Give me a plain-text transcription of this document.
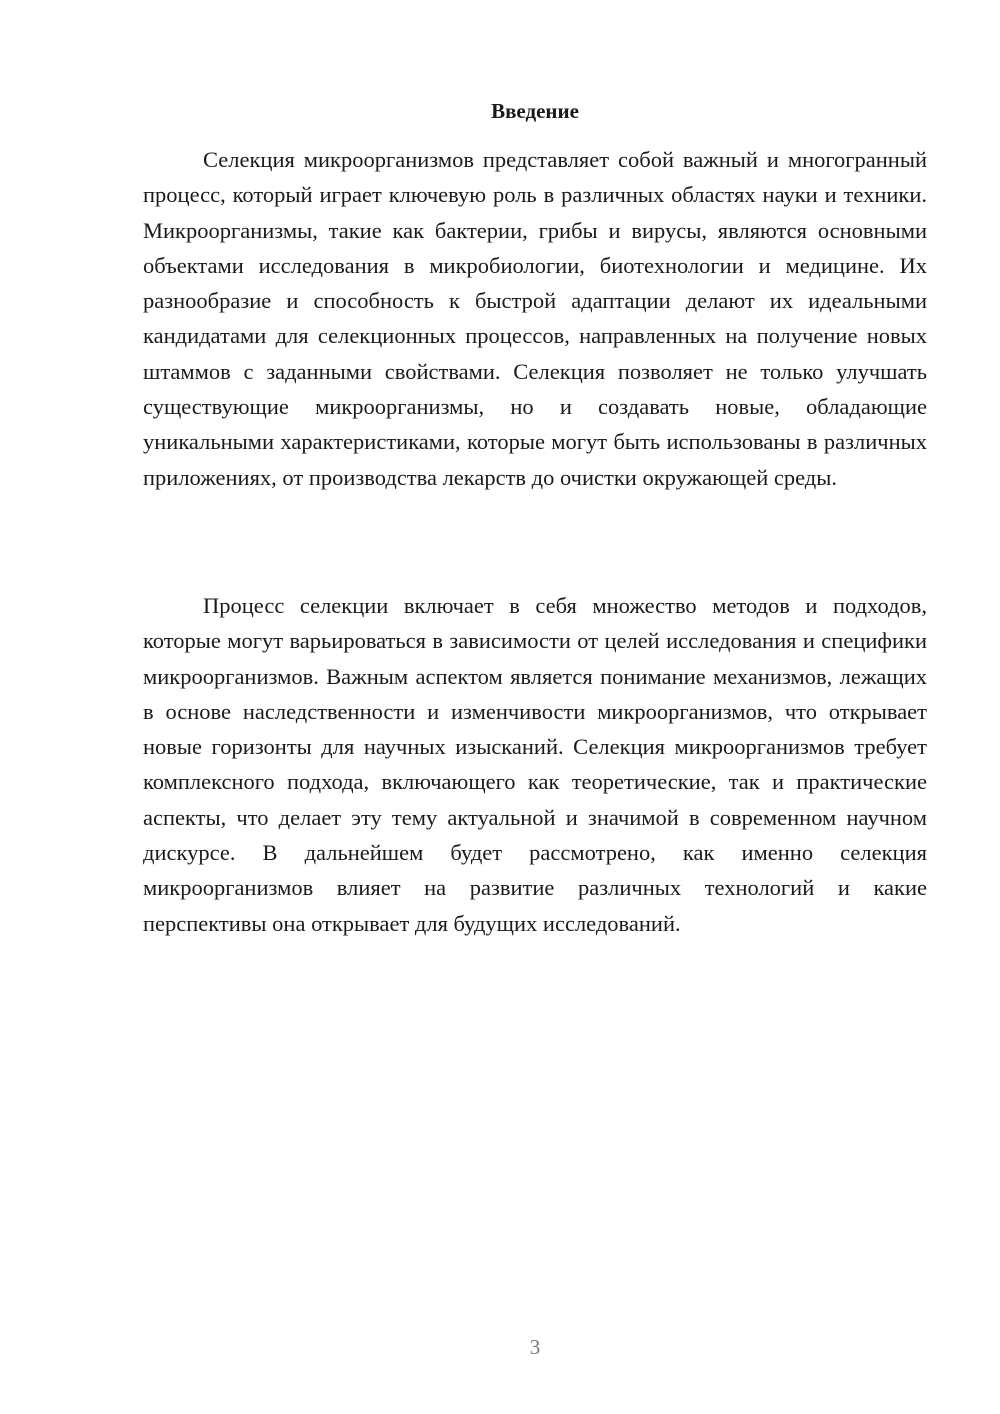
Введение

Селекция микроорганизмов представляет собой важный и многогранный процесс, который играет ключевую роль в различных областях науки и техники. Микроорганизмы, такие как бактерии, грибы и вирусы, являются основными объектами исследования в микробиологии, биотехнологии и медицине. Их разнообразие и способность к быстрой адаптации делают их идеальными кандидатами для селекционных процессов, направленных на получение новых штаммов с заданными свойствами. Селекция позволяет не только улучшать существующие микроорганизмы, но и создавать новые, обладающие уникальными характеристиками, которые могут быть использованы в различных приложениях, от производства лекарств до очистки окружающей среды.

Процесс селекции включает в себя множество методов и подходов, которые могут варьироваться в зависимости от целей исследования и специфики микроорганизмов. Важным аспектом является понимание механизмов, лежащих в основе наследственности и изменчивости микроорганизмов, что открывает новые горизонты для научных изысканий. Селекция микроорганизмов требует комплексного подхода, включающего как теоретические, так и практические аспекты, что делает эту тему актуальной и значимой в современном научном дискурсе. В дальнейшем будет рассмотрено, как именно селекция микроорганизмов влияет на развитие различных технологий и какие перспективы она открывает для будущих исследований.

3
